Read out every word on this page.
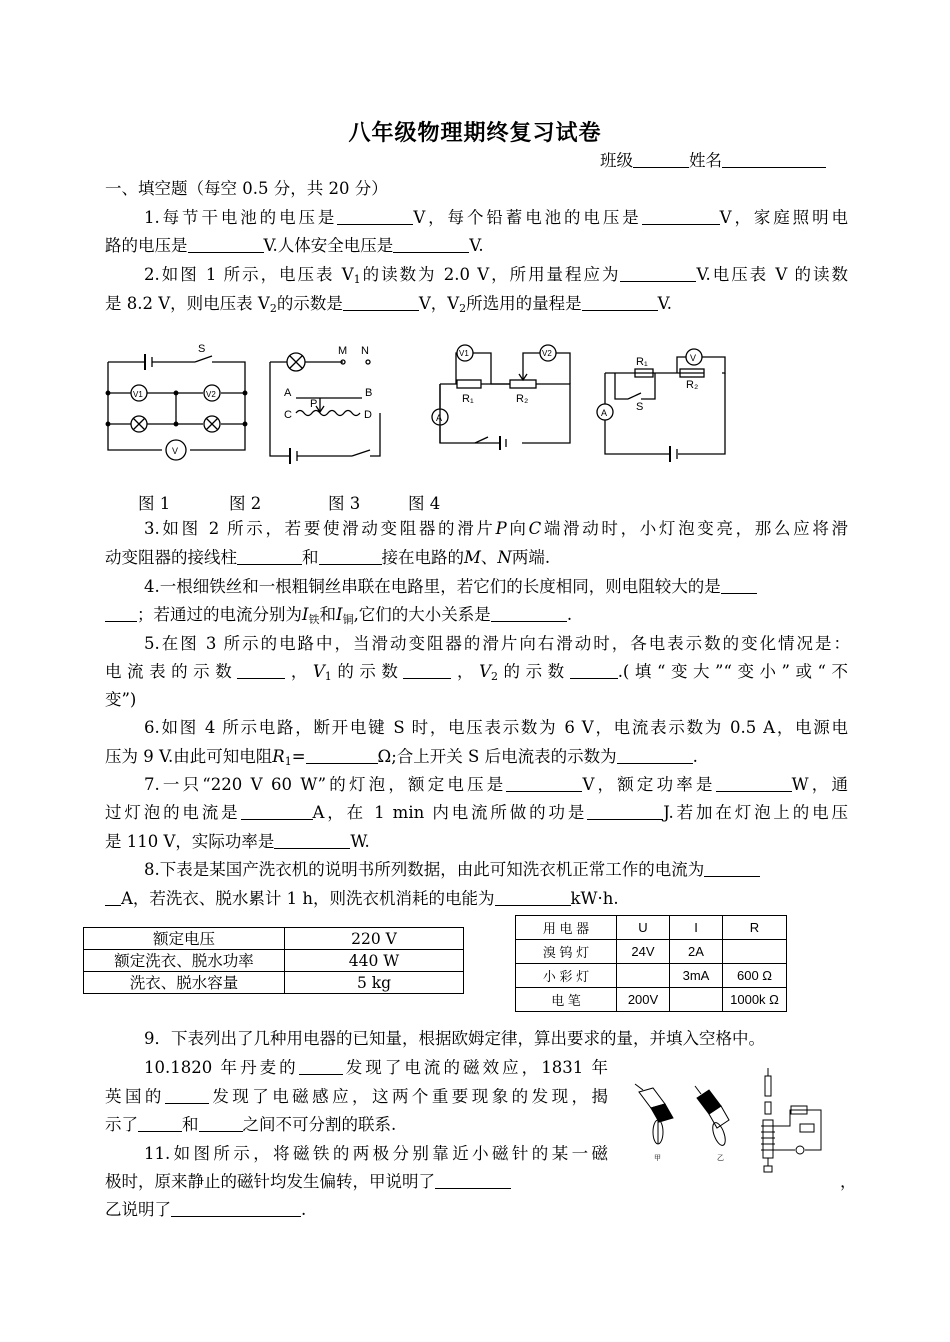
八年级物理期终复习试卷
班级	姓名
一、填空题（每空 0.5 分，共 20 分）
1.每节干电池的电压是	V，每个铅蓄电池的电压是	V，家庭照明电
路的电压是	V.人体安全电压是	V.
2.如图 1 所示，电压表 $V_1$的读数为 2.0 V，所用量程应为	V.电压表 V 的读数
是 8.2 V，则电压表 $V_2$的示数是	V，$V_2$所选用的量程是	V.
S
V1	V2
V
M N
A	B
C	D
P
V1	V2
A
R₁	R₂
V
A
R₁
R₂
S
图 1	图 2	图 3	图 4
3.如图 2 所示，若要使滑动变阻器的滑片P向C端滑动时，小灯泡变亮，那么应将滑
动变阻器的接线柱	和	接在电路的M、N两端.
4.一根细铁丝和一根粗铜丝串联在电路里，若它们的长度相同，则电阻较大的是
；若通过的电流分别为$I_铁$和$I_铜$,它们的大小关系是	.
5.在图 3 所示的电路中，当滑动变阻器的滑片向右滑动时，各电表示数的变化情况是：
电流表的示数	，$V_1$的示数	，$V_2$的示数	.(填“变大”“变小”或“不
变”)
6.如图 4 所示电路，断开电键 S 时，电压表示数为 6 V，电流表示数为 0.5 A，电源电
压为 9 V.由此可知电阻$R_1=$	Ω;合上开关 S 后电流表的示数为	.
7.一只“220 V 60 W”的灯泡，额定电压是	V，额定功率是	W，通
过灯泡的电流是	A，在 1 min 内电流所做的功是	J.若加在灯泡上的电压
是 110 V，实际功率是	W.
8.下表是某国产洗衣机的说明书所列数据，由此可知洗衣机正常工作的电流为
A，若洗衣、脱水累计 1 h，则洗衣机消耗的电能为	kW·h.
额定电压	220 V
额定洗衣、脱水功率	440 W
洗衣、脱水容量	5 kg
用 电 器	U	I	R
溴 钨 灯	24V	2A	
小 彩 灯		3mA	600 Ω
电 笔	200V		1000k Ω
9．下表列出了几种用电器的已知量，根据欧姆定律，算出要求的量，并填入空格中。
10.1820 年丹麦的	发现了电流的磁效应，1831 年
英国的	发现了电磁感应，这两个重要现象的发现，揭
示了	和	之间不可分割的联系.
11.如图所示，将磁铁的两极分别靠近小磁针的某一磁
极时，原来静止的磁针均发生偏转，甲说明了	，
乙说明了	.
甲	乙
